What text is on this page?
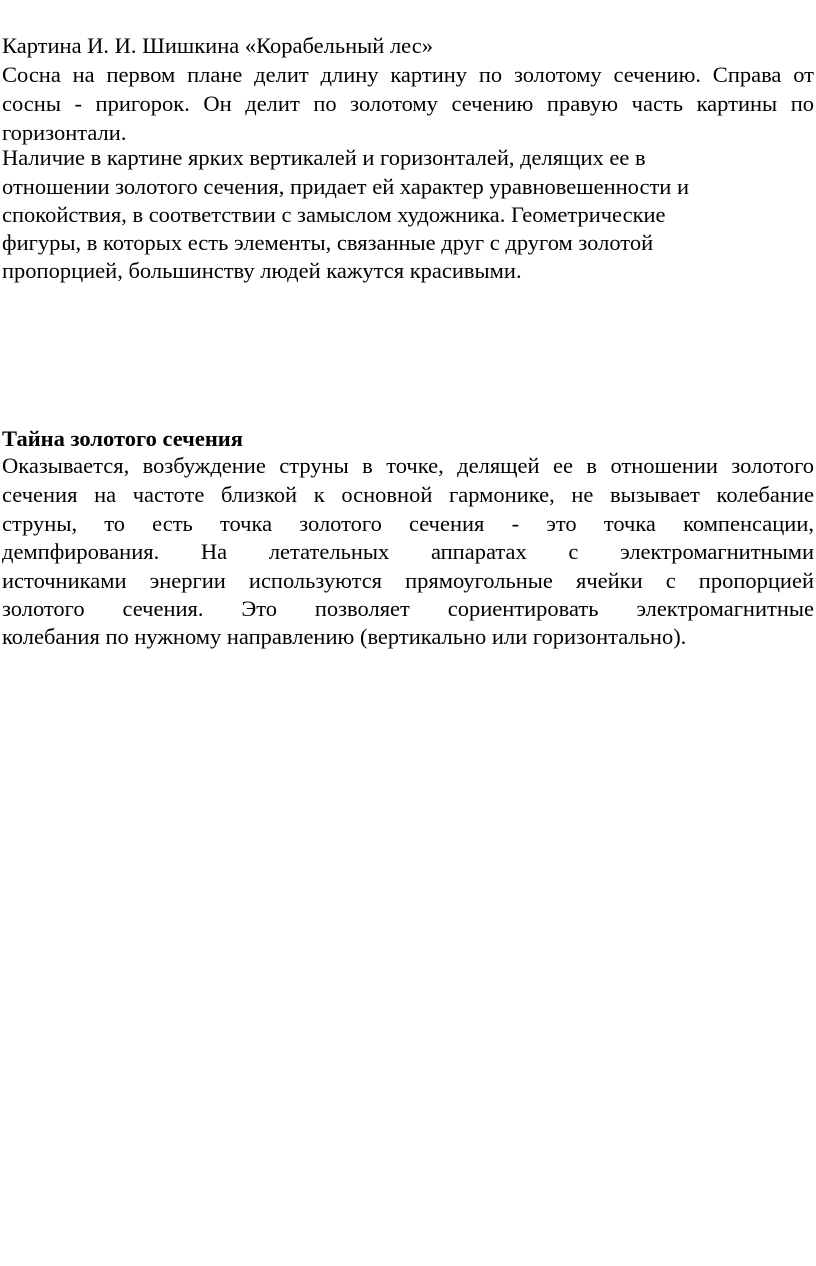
Картина И. И. Шишкина «Корабельный лес»
Сосна на первом плане делит длину картину по золотому сечению. Справа от
сосны - пригорок. Он делит по золотому сечению правую часть картины по
горизонтали.
Наличие в картине ярких вертикалей и горизонталей, делящих ее в
отношении золотого сечения, придает ей характер уравновешенности и
спокойствия, в соответствии с замыслом художника. Геометрические
фигуры, в которых есть элементы, связанные друг с другом золотой
пропорцией, большинству людей кажутся красивыми.
Тайна золотого сечения
Оказывается, возбуждение струны в точке, делящей ее в отношении золотого
сечения на частоте близкой к основной гармонике, не вызывает колебание
струны, то есть точка золотого сечения - это точка компенсации,
демпфирования. На летательных аппаратах с электромагнитными
источниками энергии используются прямоугольные ячейки с пропорцией
золотого сечения. Это позволяет сориентировать электромагнитные
колебания по нужному направлению (вертикально или горизонтально).
